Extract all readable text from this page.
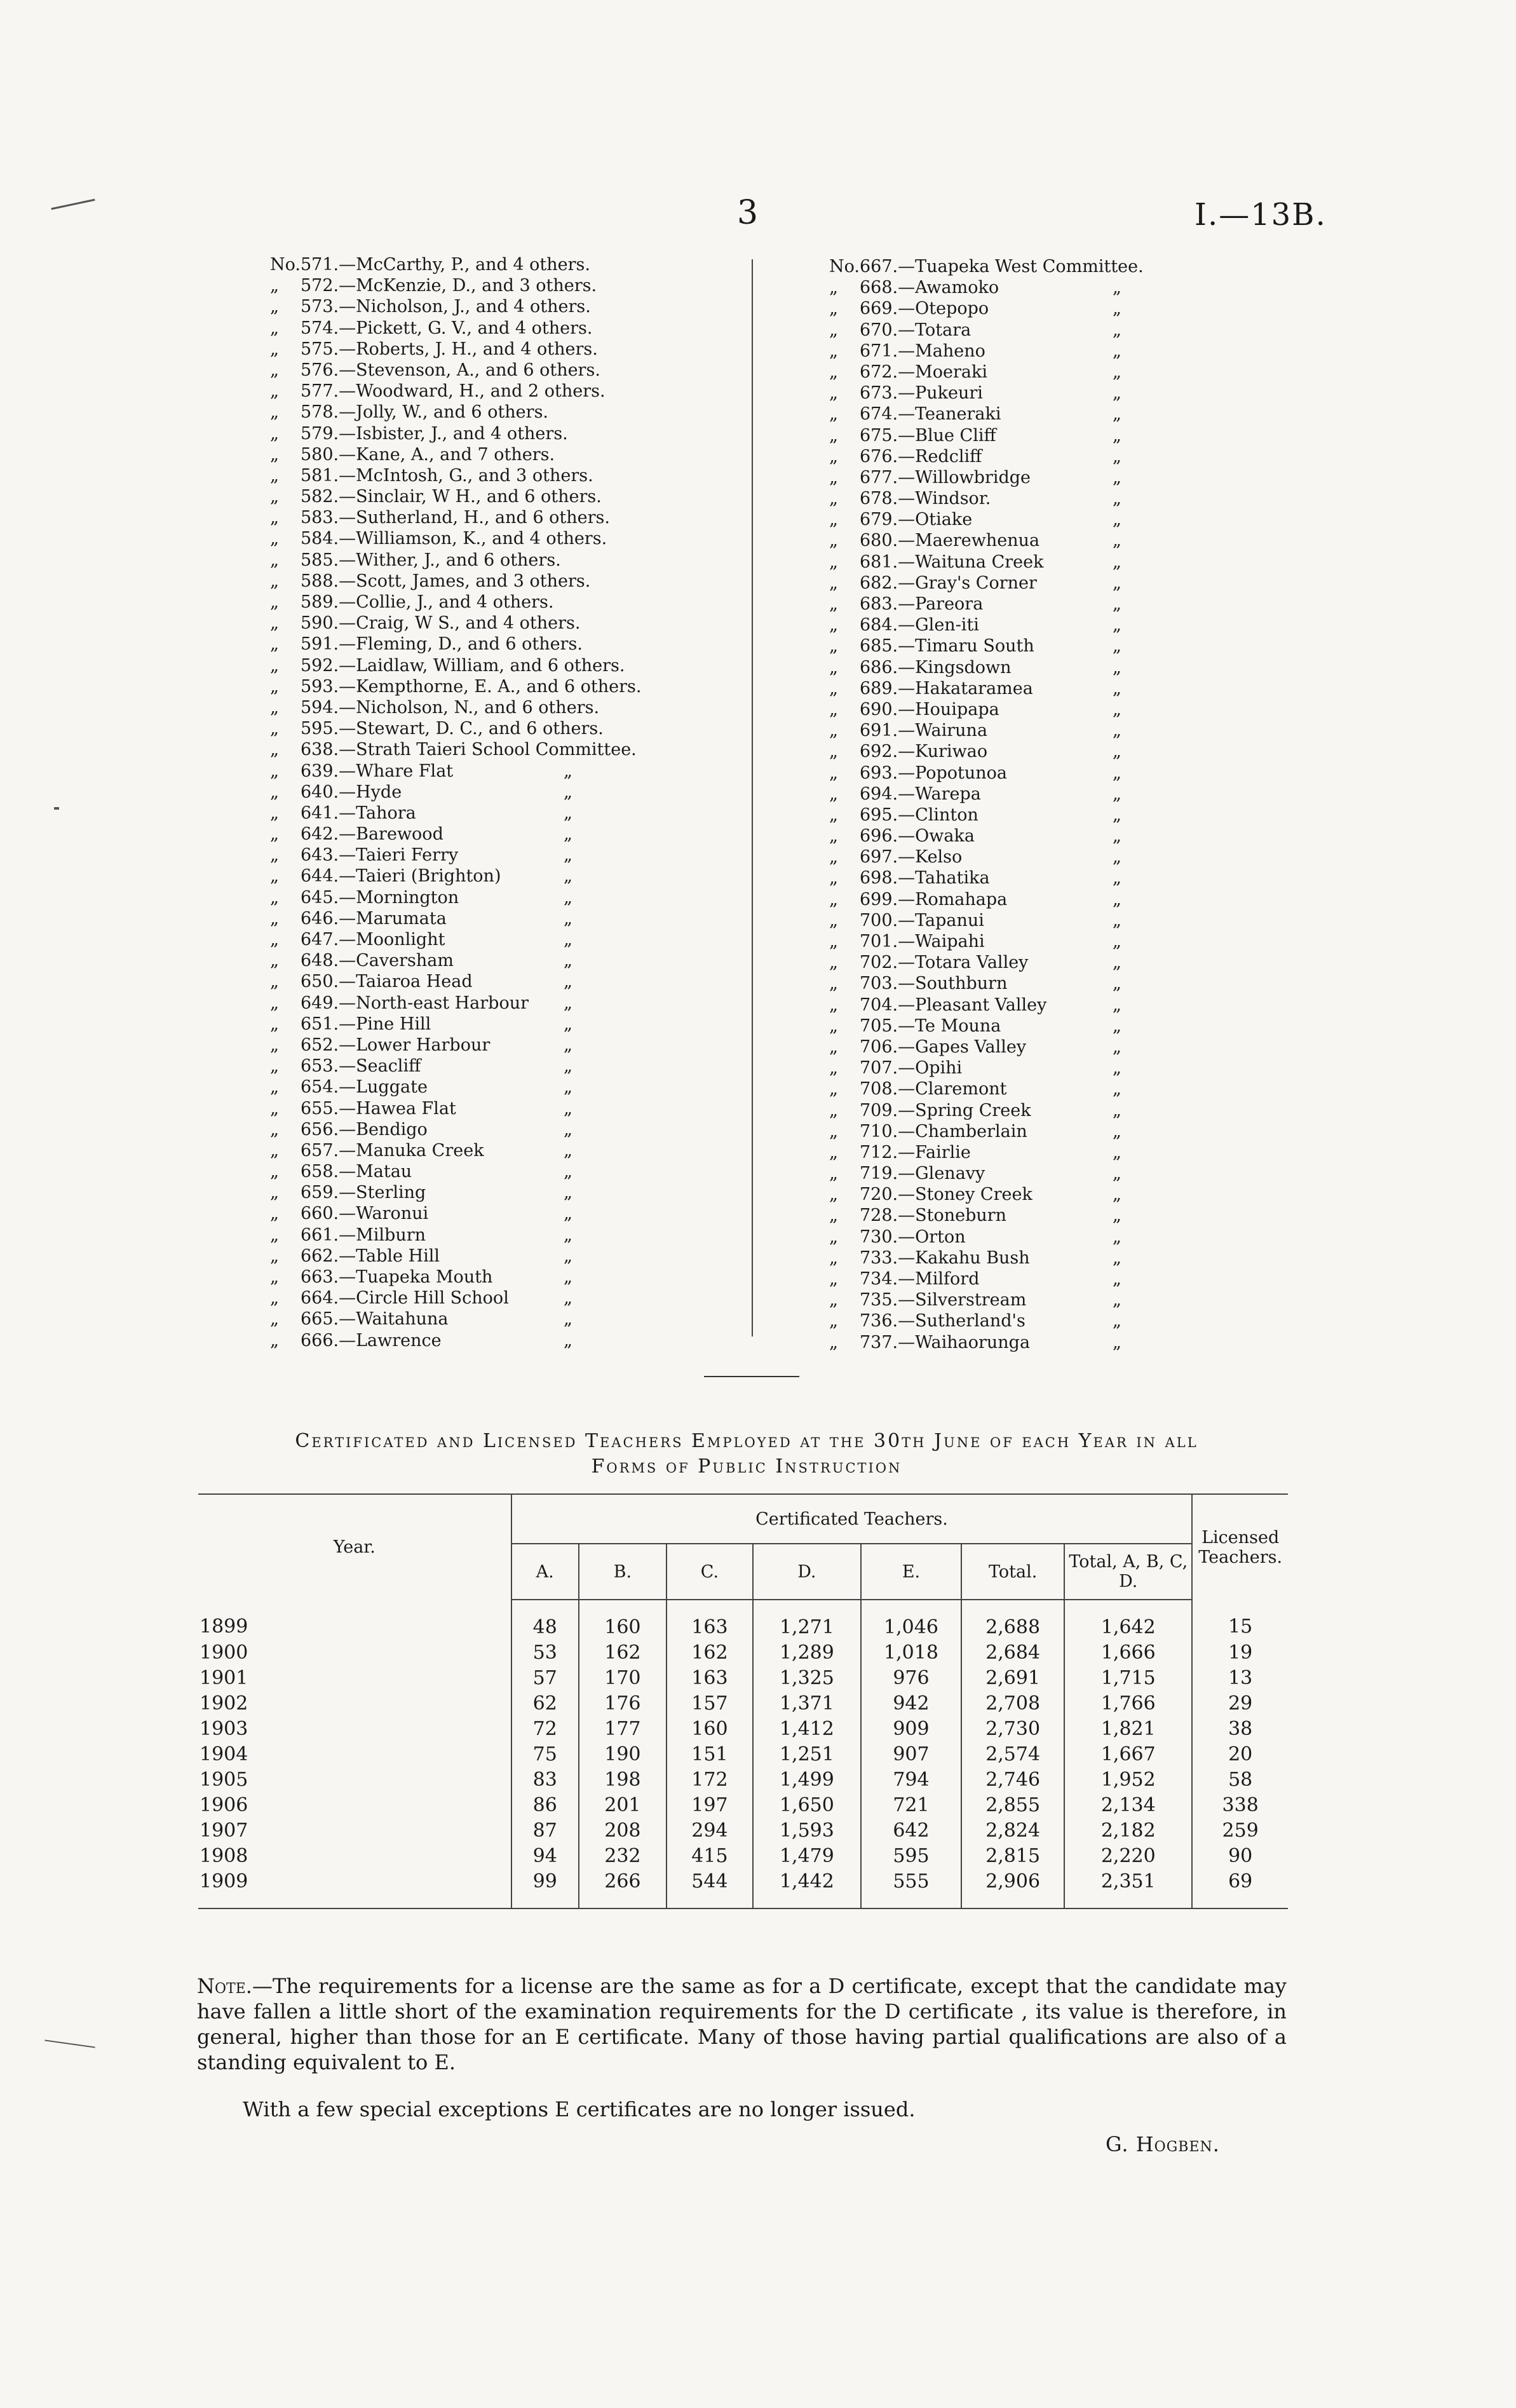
3	I.—13B.
No.571.—McCarthy, P., and 4 others.
„ 572.—McKenzie, D., and 3 others.
„ 573.—Nicholson, J., and 4 others.
„ 574.—Pickett, G. V., and 4 others.
„ 575.—Roberts, J. H., and 4 others.
„ 576.—Stevenson, A., and 6 others.
„ 577.—Woodward, H., and 2 others.
„ 578.—Jolly, W., and 6 others.
„ 579.—Isbister, J., and 4 others.
„ 580.—Kane, A., and 7 others.
„ 581.—McIntosh, G., and 3 others.
„ 582.—Sinclair, W H., and 6 others.
„ 583.—Sutherland, H., and 6 others.
„ 584.—Williamson, K., and 4 others.
„ 585.—Wither, J., and 6 others.
„ 588.—Scott, James, and 3 others.
„ 589.—Collie, J., and 4 others.
„ 590.—Craig, W S., and 4 others.
„ 591.—Fleming, D., and 6 others.
„ 592.—Laidlaw, William, and 6 others.
„ 593.—Kempthorne, E. A., and 6 others.
„ 594.—Nicholson, N., and 6 others.
„ 595.—Stewart, D. C., and 6 others.
„ 638.—Strath Taieri School Committee.
„ 639.—Whare Flat	„
„ 640.—Hyde	„
„ 641.—Tahora	„
„ 642.—Barewood	„
„ 643.—Taieri Ferry	„
„ 644.—Taieri (Brighton)	„
„ 645.—Mornington	„
„ 646.—Marumata	„
„ 647.—Moonlight	„
„ 648.—Caversham	„
„ 650.—Taiaroa Head	„
„ 649.—North-east Harbour „
„ 651.—Pine Hill	„
„ 652.—Lower Harbour	„
„ 653.—Seacliff	„
„ 654.—Luggate	„
„ 655.—Hawea Flat	„
„ 656.—Bendigo	„
„ 657.—Manuka Creek	„
„ 658.—Matau	„
„ 659.—Sterling	„
„ 660.—Waronui	„
„ 661.—Milburn	„
„ 662.—Table Hill	„
„ 663.—Tuapeka Mouth	„
„ 664.—Circle Hill School	„
„ 665.—Waitahuna	„
„ 666.—Lawrence	„
No.667.—Tuapeka West Committee.
„ 668.—Awamoko	„
„ 669.—Otepopo	„
„ 670.—Totara	„
„ 671.—Maheno	„
„ 672.—Moeraki	„
„ 673.—Pukeuri	„
„ 674.—Teaneraki	„
„ 675.—Blue Cliff	„
„ 676.—Redcliff	„
„ 677.—Willowbridge	„
„ 678.—Windsor.	„
„ 679.—Otiake	„
„ 680.—Maerewhenua	„
„ 681.—Waituna Creek	„
„ 682.—Gray's Corner	„
„ 683.—Pareora	„
„ 684.—Glen-iti	„
„ 685.—Timaru South	„
„ 686.—Kingsdown	„
„ 689.—Hakataramea	„
„ 690.—Houipapa	„
„ 691.—Wairuna	„
„ 692.—Kuriwao	„
„ 693.—Popotunoa	„
„ 694.—Warepa	„
„ 695.—Clinton	„
„ 696.—Owaka	„
„ 697.—Kelso	„
„ 698.—Tahatika	„
„ 699.—Romahapa	„
„ 700.—Tapanui	„
„ 701.—Waipahi	„
„ 702.—Totara Valley	„
„ 703.—Southburn	„
„ 704.—Pleasant Valley	„
„ 705.—Te Mouna	„
„ 706.—Gapes Valley	„
„ 707.—Opihi	„
„ 708.—Claremont	„
„ 709.—Spring Creek	„
„ 710.—Chamberlain	„
„ 712.—Fairlie	„
„ 719.—Glenavy	„
„ 720.—Stoney Creek	„
„ 728.—Stoneburn	„
„ 730.—Orton	„
„ 733.—Kakahu Bush	„
„ 734.—Milford	„
„ 735.—Silverstream	„
„ 736.—Sutherland's	„
„ 737.—Waihaorunga	„
Certificated and Licensed Teachers Employed at the 30th June of each Year in all
Forms of Public Instruction
Year.	Certificated Teachers.							Licensed Teachers.
	A.	B.	C.	D.	E.	Total.	Total, A, B, C, D.	
1899	48	160	163	1,271	1,046	2,688	1,642	15
1900	53	162	162	1,289	1,018	2,684	1,666	19
1901	57	170	163	1,325	976	2,691	1,715	13
1902	62	176	157	1,371	942	2,708	1,766	29
1903	72	177	160	1,412	909	2,730	1,821	38
1904	75	190	151	1,251	907	2,574	1,667	20
1905	83	198	172	1,499	794	2,746	1,952	58
1906	86	201	197	1,650	721	2,855	2,134	338
1907	87	208	294	1,593	642	2,824	2,182	259
1908	94	232	415	1,479	595	2,815	2,220	90
1909	99	266	544	1,442	555	2,906	2,351	69
Note.—The requirements for a license are the same as for a D certificate, except that the candidate may have fallen a little short of the examination requirements for the D certificate , its value is therefore, in general, higher than those for an E certificate. Many of those having partial qualifications are also of a standing equivalent to E.
With a few special exceptions E certificates are no longer issued.
G. Hogben.
